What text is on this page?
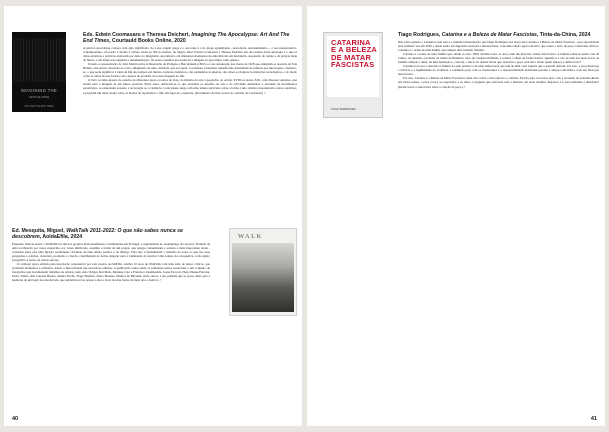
IMAGINING THE
APOCALYPSE
ART AND THE END TIMES
Eds. Edwin Coomasaru e Theresa Deichert, Imagining The Apocalypse: Art And The End Times, Courtauld Books Online, 2020

A palavra Apocalipse começa com algo significado. Se a sua origem grega e o seu reino é a do grego apokálypsis - descoberta, desvendamento -, o uso interpretativo, contemporâneo, evocação é devido à cultura cristã do fim do mundo, de trágico final. Edwin Coomasaru e Theresa Deichert são dos nomes desta antologia e o que as obras artísticas e políticas exploram por meio do imaginário apocalíptico em diferentes momentos de uma história em destruição, suspensão do tempo e da própria ideia de futuro, e em tempos de angústia e desumanização. Os textos reunidos procuram ler a imagem do apocalipse como género.

Usando a representação de João Martin sobre A Destruição de Pompeia e Herculanum (1822) e a sua restauração nas cheias de 1928 que atingiram as reservas da Tate Britain, este ensaio relaciona-se com o imaginário de uma catástrofe que se repete. Coomasaru e Deichert reúnem uma pluralidade de leituras que interrogam, cruzando-se, o que pode significar a ideia de fim dos tempos em muitos contextos históricos, das pandemias às guerras, das crises ecológicas às mutações tecnológicas, e do modo como as obras de arte foram e são capazes de produzir as nossas imagens do fim.

O livro recolhe ensaios de estudos de diferentes áreas e pontos de vista, da história da arte à geografia, do século XVIII ao século XXI, com diversas vertentes, que abrem para a imagem de um futuro possível. Entre estes, destacam-se os que abordam os desafios da arte e do activismo ambiental, a ascensão de movimentos autoritários, as ansiedades sexuais, a tecnologia ou a violência. Cada ensaio surge com uma leitura particular sobre a forma como artistas responderam a estas condições, e propõem um olhar atento sobre os modos de representar o fim, em lugar de o anunciar. (Documento de livre acesso no website da Courtauld.) //

Ed. Mesquita, Miguel, WalkTalk 2011-2022: O que não sabes nunca se descobrem, AoldaEfila, 2024

Enquanto festival anual, o WalkTalk foi um dos projetos mais desafiantes e estimulantes em Portugal, e seguramente no Arquipélago dos Açores. Partindo de uma localização por vezes esquecida, por vezes mitificada, assumiu a forma de um projeto que agrega comunidades e artistas e mais importante ainda - construiu entre eles uma ligação permanente. Partindo de uma leitura poética e de diálogo. Para isso é fundamental o trabalho de todos os que nos seus programas e edições, curadoria, produção e criação, contribuíram de forma singular para a identidade do festival. Uma leitura de retrospetiva, com registo fotográfico e textos de vários autores.

O catálogo agora editado pela associação responsável por este evento, AoldaEfila, celebra 10 anos de WalkTalk com uma série de textos críticos, que revisitam momentos e reflexões, dando a historicidade das sucessivas edições. A publicação reúne ainda os principais textos curatoriais e um conjunto de fotografias que documentam trabalhos de artistas como Ana Vidigal, Rui Melo, Mariana Caló e Francisco Queimadela, Joana Escoval, Nuno Nunes-Ferreira, Pedro Tudela, Rui Calçada Bastos, Sandra Rocha, Tiago Baptista, Paulo Mendes, Mónica de Miranda, entre outros, e isto permite que se possa olhar para a memória de um lugar de uma década, que também nos faz pensar sobre a força de uma forma de fazer arte e festival. //

WALK
40
CATARINA
E A BELEZA
DE MATAR
FASCISTAS
TIAGO RODRIGUES
Tiago Rodrigues, Catarina e a Beleza de Matar Fascistas, Tinta-da-China, 2024

Não sabia quando o Catarina é que esta é a primeira interpretação que Tiago Rodrigues nos lança em Catarina e a Beleza de Matar Fascistas - peça apresentada pela primeira vez em 2020 e desde então em digressão nacional e internacional, com uma edição agora em livro que reúne o texto da peça e materiais críticos. Catarina é o nome de uma mulher que cumpre uma tradição familiar.

Catarina é o nome de uma família que, desde os anos 1950, decidiu todos os anos, num dia marcado, matar um fascista. A família reúne-se numa casa de campo, no Alentejo, próximo da aldeia de Baleizão, terra de Catarina Eufémia, e celebra o ritual de forma festiva. Quando é a vez de uma das mais novas da família cumprir o ritual, há uma hesitação e, com ela, o início do debate moral que atravessa a peça: será ético matar quem ameaça a democracia?

Catarina leva-nos a discutir os limites da ação política e de uma democracia que tem de lidar com aqueles que a querem destruir. Por isso, a peça interroga a eficácia e a legitimidade da violência, a tolerância para com os intolerantes e a responsabilidade individual perante a ameaça autoritária, com um final que desconcerta.

Por isso, Catarina e a Beleza de Matar Fascistas é uma obra sobre o desconforto e a dúvida. Escrita para os nossos dias, com a ascensão da extrema-direita em vários países, a peça coloca ao espectador e ao leitor a pergunta que atravessa toda a história: até onde estamos dispostos a ir para defender a liberdade? (Inclui textos e entrevistas sobre a criação da peça.) //

41
